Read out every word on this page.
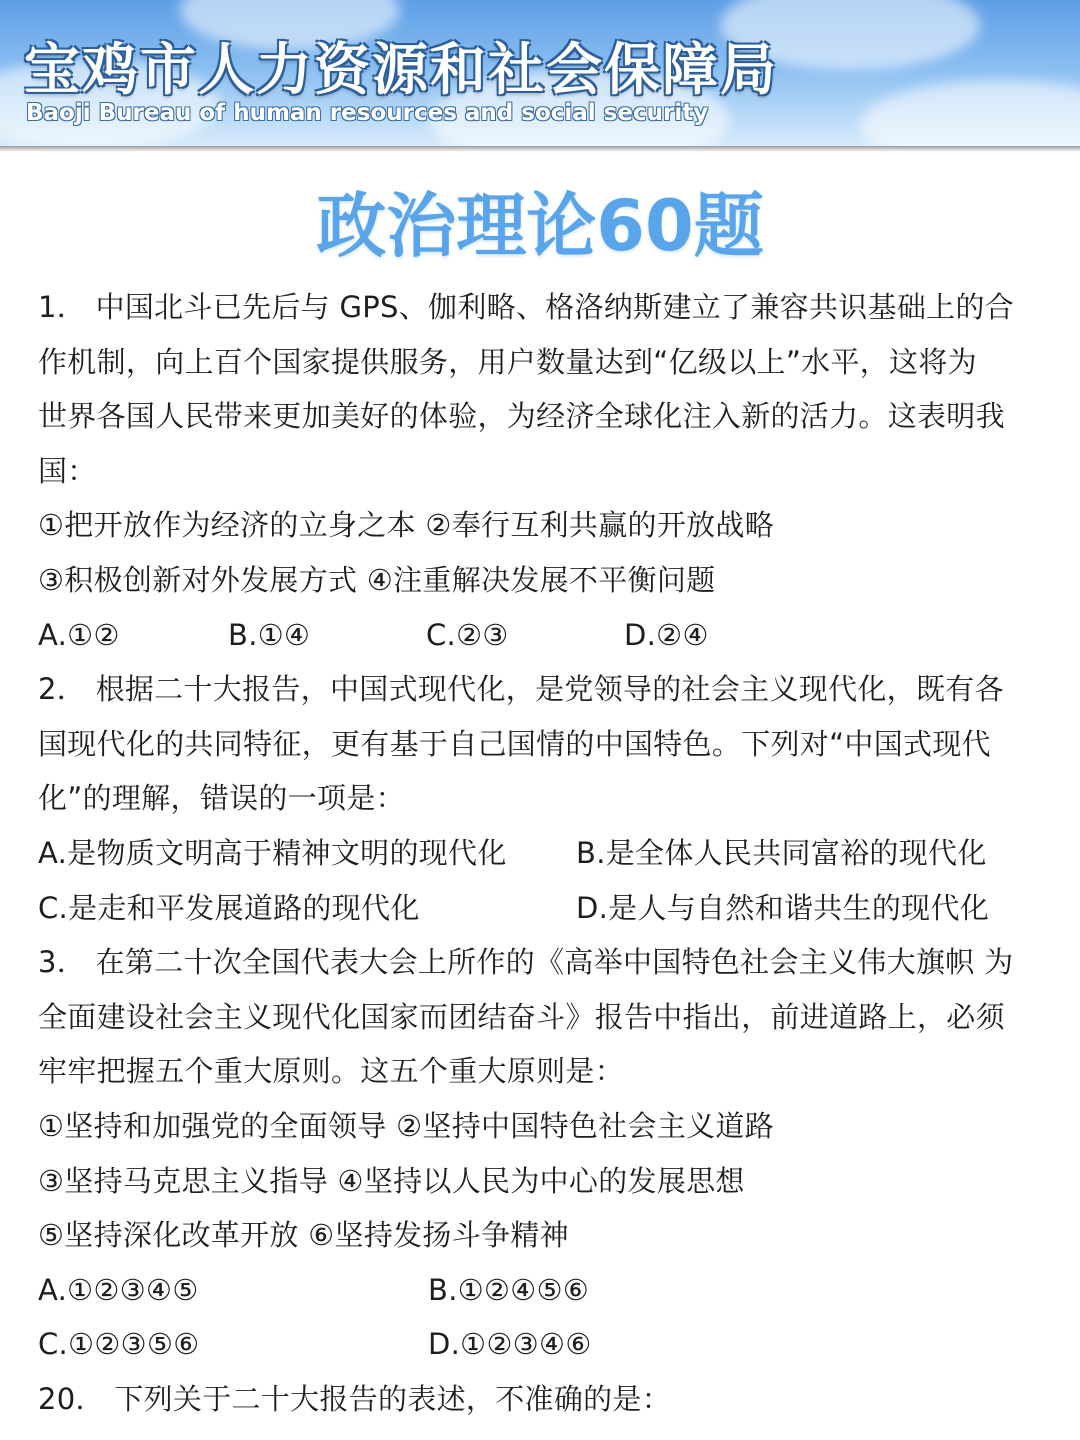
宝鸡市人力资源和社会保障局
Baoji Bureau of human resources and social security
政治理论60题
1． 中国北斗已先后与 GPS、伽利略、格洛纳斯建立了兼容共识基础上的合
作机制，向上百个国家提供服务，用户数量达到“亿级以上”水平，这将为
世界各国人民带来更加美好的体验，为经济全球化注入新的活力。这表明我
国：
①把开放作为经济的立身之本 ②奉行互利共赢的开放战略
③积极创新对外发展方式 ④注重解决发展不平衡问题
A.①②	B.①④	C.②③	D.②④
2． 根据二十大报告，中国式现代化，是党领导的社会主义现代化，既有各
国现代化的共同特征，更有基于自己国情的中国特色。下列对“中国式现代
化”的理解，错误的一项是：
A.是物质文明高于精神文明的现代化 B.是全体人民共同富裕的现代化
C.是走和平发展道路的现代化	D.是人与自然和谐共生的现代化
3． 在第二十次全国代表大会上所作的《高举中国特色社会主义伟大旗帜 为
全面建设社会主义现代化国家而团结奋斗》报告中指出，前进道路上，必须
牢牢把握五个重大原则。这五个重大原则是：
①坚持和加强党的全面领导 ②坚持中国特色社会主义道路
③坚持马克思主义指导 ④坚持以人民为中心的发展思想
⑤坚持深化改革开放 ⑥坚持发扬斗争精神
A.①②③④⑤	B.①②④⑤⑥
C.①②③⑤⑥	D.①②③④⑥
20． 下列关于二十大报告的表述，不准确的是：
